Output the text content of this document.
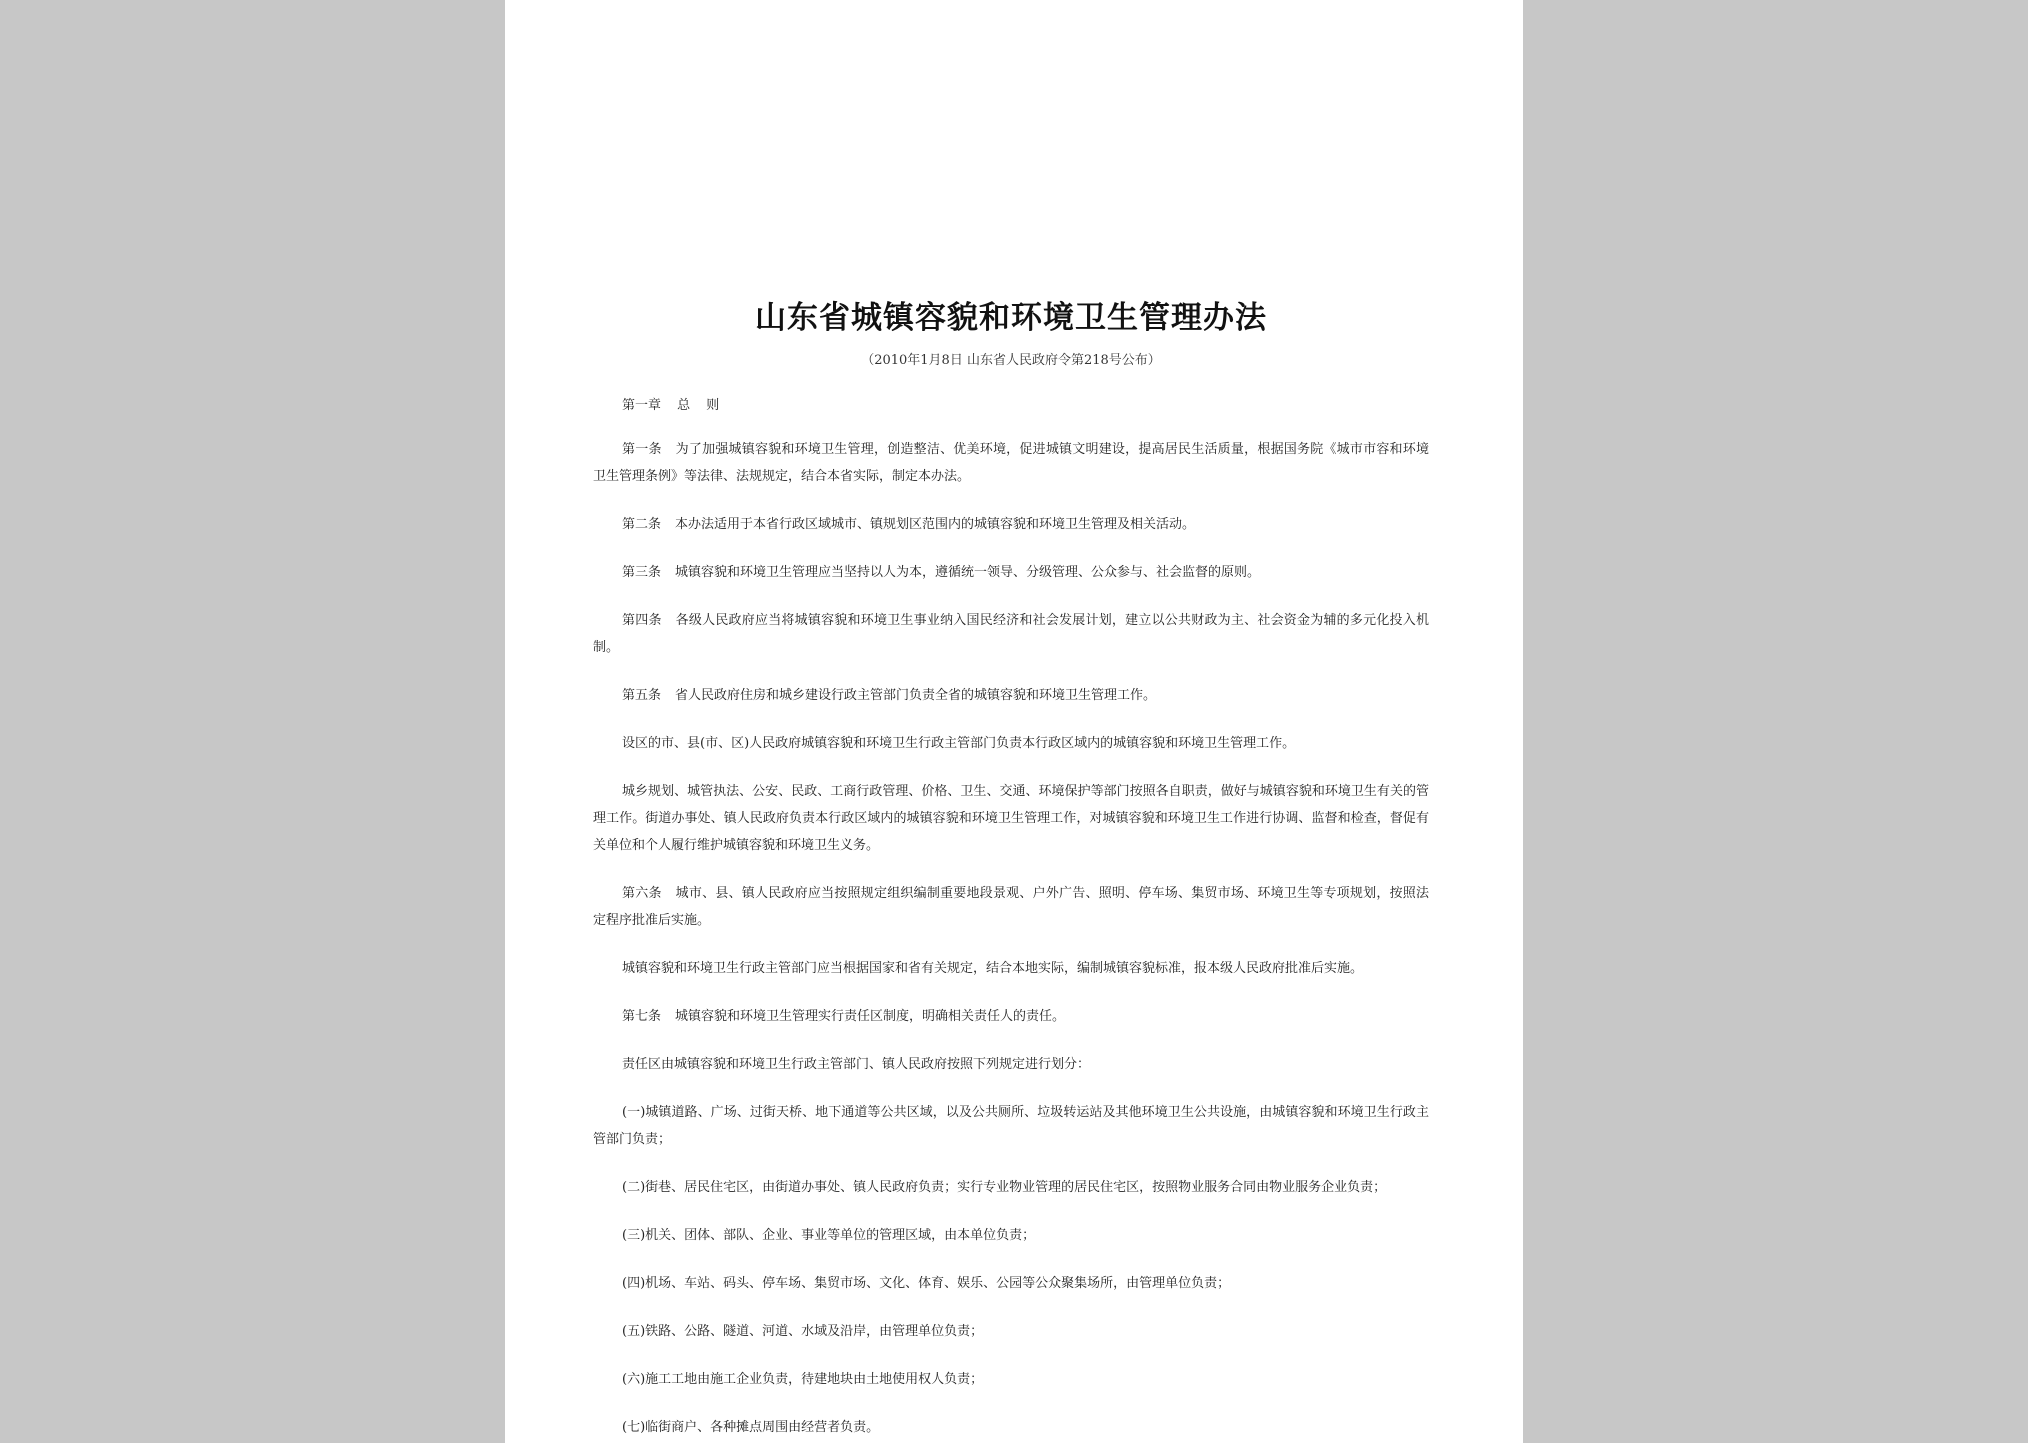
山东省城镇容貌和环境卫生管理办法
（2010年1月8日 山东省人民政府令第218号公布）
第一章 总 则

第一条 为了加强城镇容貌和环境卫生管理，创造整洁、优美环境，促进城镇文明建设，提高居民生活质量，根据国务院《城市市容和环境卫生管理条例》等法律、法规规定，结合本省实际，制定本办法。

第二条 本办法适用于本省行政区域城市、镇规划区范围内的城镇容貌和环境卫生管理及相关活动。

第三条 城镇容貌和环境卫生管理应当坚持以人为本，遵循统一领导、分级管理、公众参与、社会监督的原则。

第四条 各级人民政府应当将城镇容貌和环境卫生事业纳入国民经济和社会发展计划，建立以公共财政为主、社会资金为辅的多元化投入机制。

第五条 省人民政府住房和城乡建设行政主管部门负责全省的城镇容貌和环境卫生管理工作。

设区的市、县(市、区)人民政府城镇容貌和环境卫生行政主管部门负责本行政区域内的城镇容貌和环境卫生管理工作。

城乡规划、城管执法、公安、民政、工商行政管理、价格、卫生、交通、环境保护等部门按照各自职责，做好与城镇容貌和环境卫生有关的管理工作。街道办事处、镇人民政府负责本行政区域内的城镇容貌和环境卫生管理工作，对城镇容貌和环境卫生工作进行协调、监督和检查，督促有关单位和个人履行维护城镇容貌和环境卫生义务。

第六条 城市、县、镇人民政府应当按照规定组织编制重要地段景观、户外广告、照明、停车场、集贸市场、环境卫生等专项规划，按照法定程序批准后实施。

城镇容貌和环境卫生行政主管部门应当根据国家和省有关规定，结合本地实际，编制城镇容貌标准，报本级人民政府批准后实施。

第七条 城镇容貌和环境卫生管理实行责任区制度，明确相关责任人的责任。

责任区由城镇容貌和环境卫生行政主管部门、镇人民政府按照下列规定进行划分：

(一)城镇道路、广场、过街天桥、地下通道等公共区域，以及公共厕所、垃圾转运站及其他环境卫生公共设施，由城镇容貌和环境卫生行政主管部门负责；

(二)街巷、居民住宅区，由街道办事处、镇人民政府负责；实行专业物业管理的居民住宅区，按照物业服务合同由物业服务企业负责；

(三)机关、团体、部队、企业、事业等单位的管理区域，由本单位负责；

(四)机场、车站、码头、停车场、集贸市场、文化、体育、娱乐、公园等公众聚集场所，由管理单位负责；

(五)铁路、公路、隧道、河道、水域及沿岸，由管理单位负责；

(六)施工工地由施工企业负责，待建地块由土地使用权人负责；

(七)临街商户、各种摊点周围由经营者负责。
